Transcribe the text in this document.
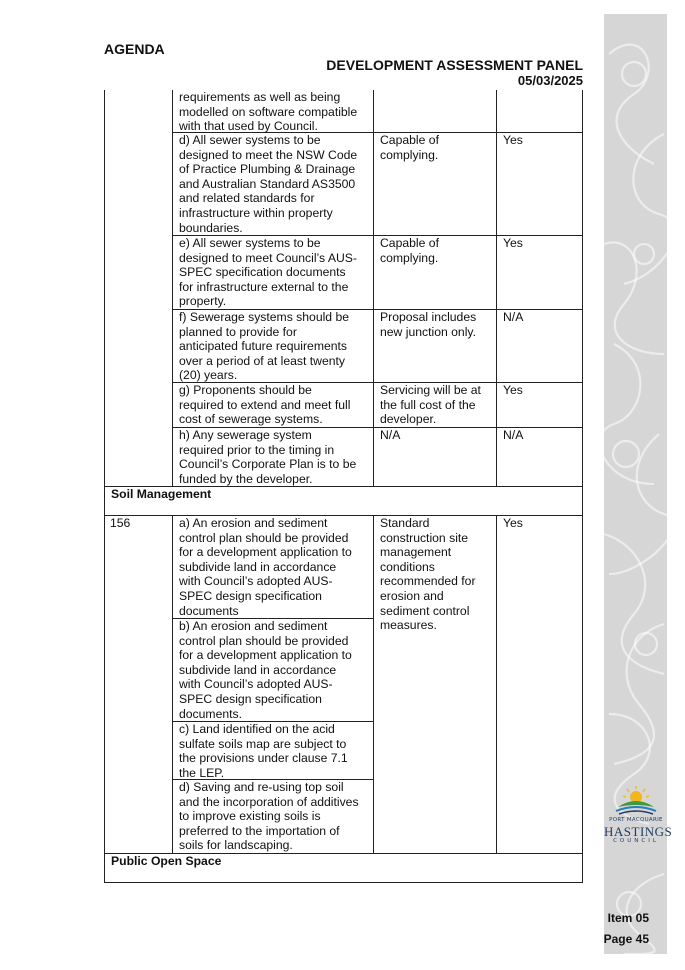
AGENDA
DEVELOPMENT ASSESSMENT PANEL
05/03/2025
requirements as well as being
modelled on software compatible
with that used by Council.
d) All sewer systems to be
designed to meet the NSW Code
of Practice Plumbing & Drainage
and Australian Standard AS3500
and related standards for
infrastructure within property
boundaries.
Capable of
complying.
Yes
e) All sewer systems to be
designed to meet Council’s AUS-
SPEC specification documents
for infrastructure external to the
property.
Capable of
complying.
Yes
f) Sewerage systems should be
planned to provide for
anticipated future requirements
over a period of at least twenty
(20) years.
Proposal includes
new junction only.
N/A
g) Proponents should be
required to extend and meet full
cost of sewerage systems.
Servicing will be at
the full cost of the
developer.
Yes
h) Any sewerage system
required prior to the timing in
Council’s Corporate Plan is to be
funded by the developer.
N/A	N/A
Soil Management
156	a) An erosion and sediment
control plan should be provided
for a development application to
subdivide land in accordance
with Council’s adopted AUS-
SPEC design specification
documents
b) An erosion and sediment
control plan should be provided
for a development application to
subdivide land in accordance
with Council’s adopted AUS-
SPEC design specification
documents.
c) Land identified on the acid
sulfate soils map are subject to
the provisions under clause 7.1
the LEP.
d) Saving and re-using top soil
and the incorporation of additives
to improve existing soils is
preferred to the importation of
soils for landscaping.
Standard
construction site
management
conditions
recommended for
erosion and
sediment control
measures.
Yes
Public Open Space
PORT MACQUARIE
HASTINGS
COUNCIL
Item 05
Page 45
